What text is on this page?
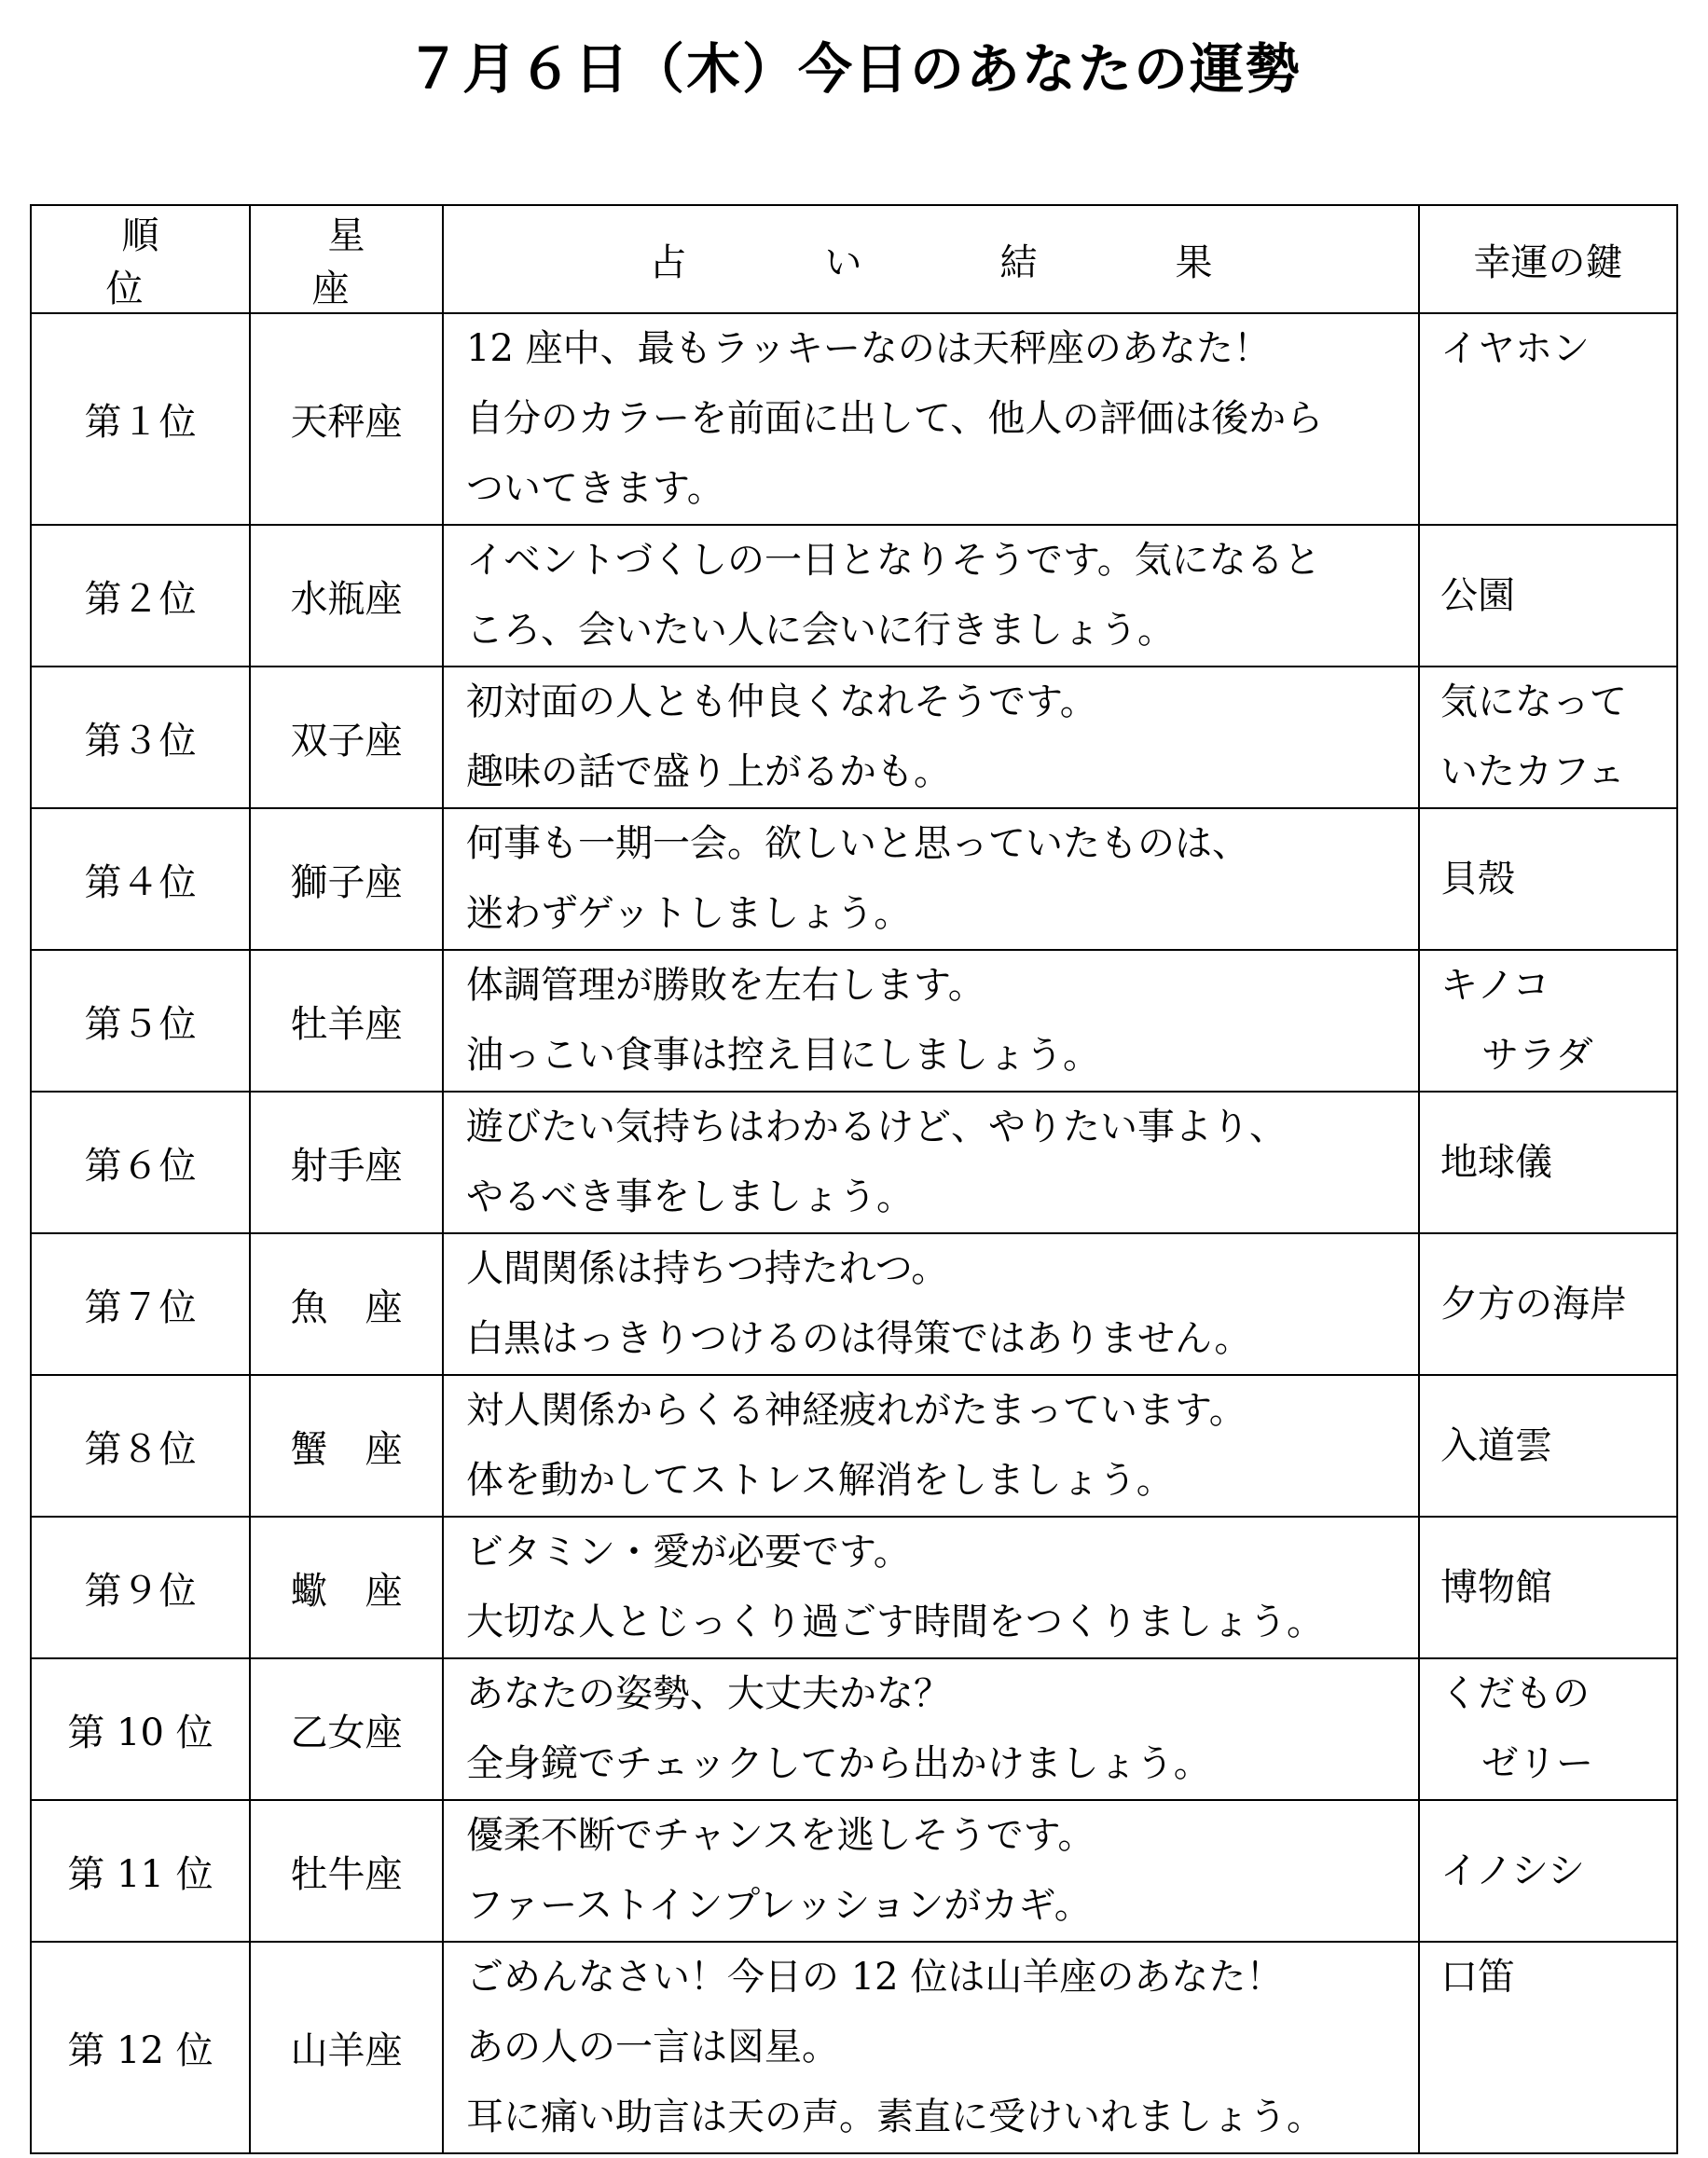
７月６日（木）今日のあなたの運勢
順　位	星　座	占　い　結　果	幸運の鍵
第１位	天秤座	12 座中、最もラッキーなのは天秤座のあなた！
自分のカラーを前面に出して、他人の評価は後から
ついてきます。	イヤホン

第２位	水瓶座	イベントづくしの一日となりそうです。気になると
ころ、会いたい人に会いに行きましょう。	公園

第３位	双子座	初対面の人とも仲良くなれそうです。
趣味の話で盛り上がるかも。	気になって
いたカフェ

第４位	獅子座	何事も一期一会。欲しいと思っていたものは、
迷わずゲットしましょう。	貝殻

第５位	牡羊座	体調管理が勝敗を左右します。
油っこい食事は控え目にしましょう。	キノコ
サラダ

第６位	射手座	遊びたい気持ちはわかるけど、やりたい事より、
やるべき事をしましょう。	地球儀

第７位	魚　座	人間関係は持ちつ持たれつ。
白黒はっきりつけるのは得策ではありません。	夕方の海岸

第８位	蟹　座	対人関係からくる神経疲れがたまっています。
体を動かしてストレス解消をしましょう。	入道雲

第９位	蠍　座	ビタミン・愛が必要です。
大切な人とじっくり過ごす時間をつくりましょう。	博物館

第 10 位	乙女座	あなたの姿勢、大丈夫かな？
全身鏡でチェックしてから出かけましょう。	くだもの
ゼリー

第 11 位	牡牛座	優柔不断でチャンスを逃しそうです。
ファーストインプレッションがカギ。	イノシシ

第 12 位	山羊座	ごめんなさい！今日の 12 位は山羊座のあなた！
あの人の一言は図星。
耳に痛い助言は天の声。素直に受けいれましょう。	口笛
